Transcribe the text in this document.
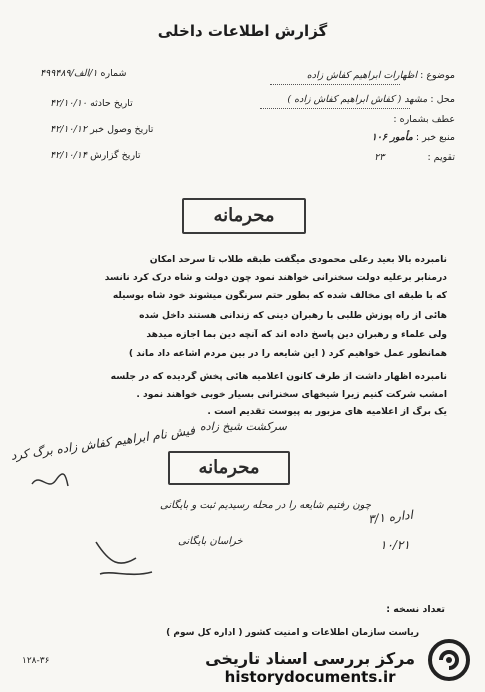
گزارش اطلاعات داخلی
موضوع : اظهارات ابراهیم کفاش زاده
محل : مشهد ( کفاش ابراهیم کفاش زاده )
عطف بشماره :
منبع خبر : مأمور ۱۰۶
تقویم : ۲۳
شماره ۱/الف/۴۹۹۴۸۹
تاریخ حادثه ۴۲/۱۰/۱۰
تاریخ وصول خبر ۴۲/۱۰/۱۲
تاریخ گزارش ۴۲/۱۰/۱۴
محرمانه
نامبرده بالا بعید رعلی محمودی میگفت طبقه طلاب تا سرحد امکان
درمنابر برعلیه دولت سخنرانی خواهند نمود چون دولت و شاه درک کرد نانسد
که با طبقه ای مخالف شده که بطور حتم سرنگون میشوند خود شاه بوسیله
هائی از راه پوزش طلبی با رهبران دینی که زندانی هستند داخل شده
ولی علماء و رهبران دین پاسخ داده اند که آنچه دین بما اجازه میدهد
همانطور عمل خواهیم کرد ( این شایعه را در بین مردم اشاعه داد ماند )
نامبرده اظهار داشت از طرف کانون اعلامیه هائی پخش گردیده که در جلسه
امشب شرکت کنیم زیرا شیخهای سخنرانی بسیار خوبی خواهند نمود .
یک برگ از اعلامیه های مزبور به پیوست تقدیم است .
سرکشت شیخ زاده
فیش نام ابراهیم کفاش زاده برگ کرد
محرمانه
چون رفتیم شایعه را در محله رسیدیم ثبت و بایگانی
خراسان بایگانی
اداره ۳/۱
۱۰/۲۱
تعداد نسخه :
ریاست سازمان اطلاعات و امنیت کشور ( اداره کل سوم )
۱۲۸-۳۶	مرکز بررسی اسناد تاریخی
historydocuments.ir
